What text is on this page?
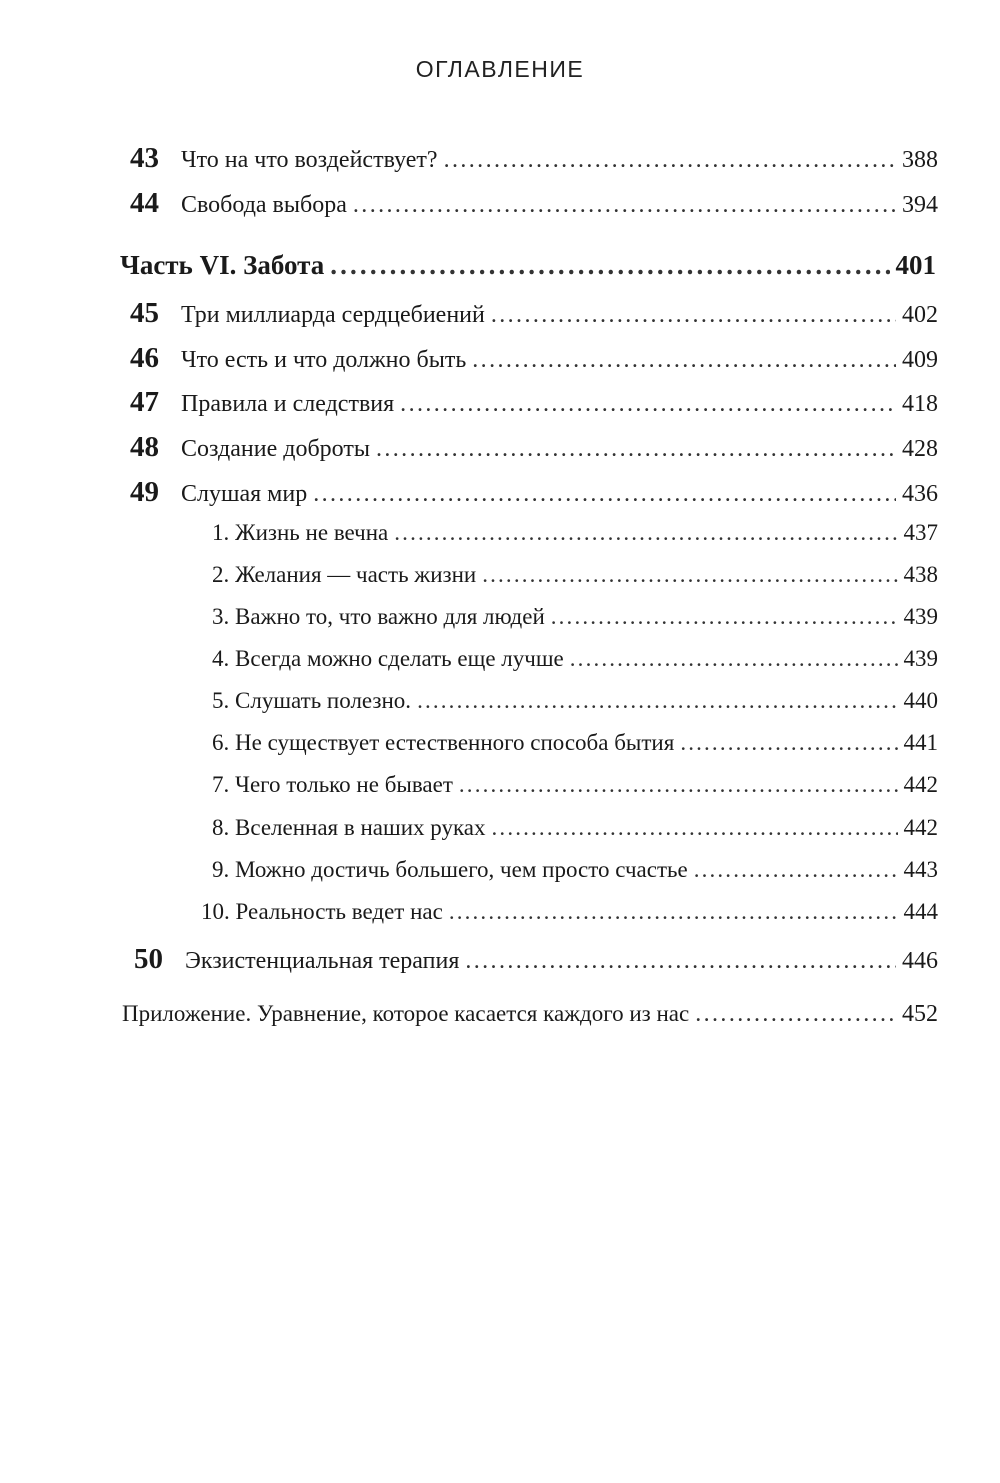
ОГЛАВЛЕНИЕ
43 Что на что воздействует? . . .	388
44 Свобода выбора . . .	394
Часть VI. Забота . . .	401
45 Три миллиарда сердцебиений . . .	402
46 Что есть и что должно быть . . .	409
47 Правила и следствия . . .	418
48 Создание доброты . . .	428
49 Слушая мир . . .	436
1. Жизнь не вечна . . .	437
2. Желания — часть жизни . . .	438
3. Важно то, что важно для людей . . .	439
4. Всегда можно сделать еще лучше . . .	439
5. Слушать полезно. . . .	440
6. Не существует естественного способа бытия . . .	441
7. Чего только не бывает . . .	442
8. Вселенная в наших руках . . .	442
9. Можно достичь большего, чем просто счастье . . .	443
10. Реальность ведет нас . . .	444
50 Экзистенциальная терапия . . .	446
Приложение. Уравнение, которое касается каждого из нас . . .	452
